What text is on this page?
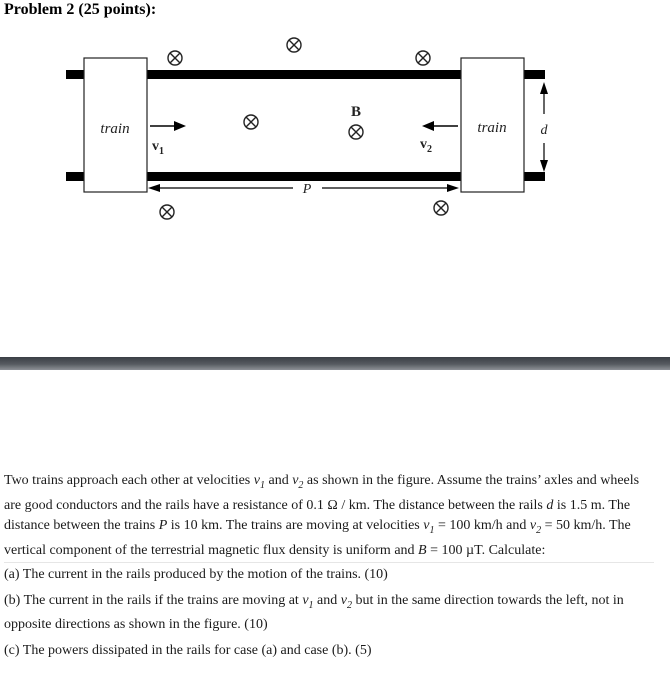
Problem 2 (25 points):
train	train
$v_1$	$v_2$
B
P
d

Two trains approach each other at velocities $v_1$ and $v_2$ as shown in the figure. Assume the trains’ axles and wheels are good conductors and the rails have a resistance of 0.1 Ω / km. The distance between the rails d is 1.5 m. The distance between the trains P is 10 km. The trains are moving at velocities $v_1 = 100$ km/h and $v_2 = 50$ km/h. The vertical component of the terrestrial magnetic flux density is uniform and B = 100 µT. Calculate:

(a) The current in the rails produced by the motion of the trains. (10)

(b) The current in the rails if the trains are moving at $v_1$ and $v_2$ but in the same direction towards the left, not in opposite directions as shown in the figure. (10)

(c) The powers dissipated in the rails for case (a) and case (b). (5)
